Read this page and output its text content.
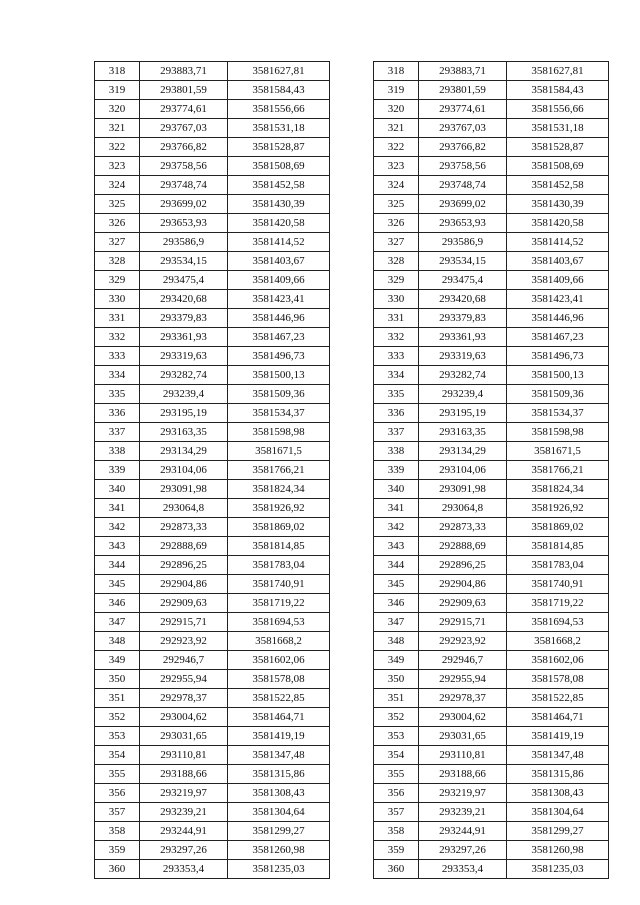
318	293883,71	3581627,81
319	293801,59	3581584,43
320	293774,61	3581556,66
321	293767,03	3581531,18
322	293766,82	3581528,87
323	293758,56	3581508,69
324	293748,74	3581452,58
325	293699,02	3581430,39
326	293653,93	3581420,58
327	293586,9	3581414,52
328	293534,15	3581403,67
329	293475,4	3581409,66
330	293420,68	3581423,41
331	293379,83	3581446,96
332	293361,93	3581467,23
333	293319,63	3581496,73
334	293282,74	3581500,13
335	293239,4	3581509,36
336	293195,19	3581534,37
337	293163,35	3581598,98
338	293134,29	3581671,5
339	293104,06	3581766,21
340	293091,98	3581824,34
341	293064,8	3581926,92
342	292873,33	3581869,02
343	292888,69	3581814,85
344	292896,25	3581783,04
345	292904,86	3581740,91
346	292909,63	3581719,22
347	292915,71	3581694,53
348	292923,92	3581668,2
349	292946,7	3581602,06
350	292955,94	3581578,08
351	292978,37	3581522,85
352	293004,62	3581464,71
353	293031,65	3581419,19
354	293110,81	3581347,48
355	293188,66	3581315,86
356	293219,97	3581308,43
357	293239,21	3581304,64
358	293244,91	3581299,27
359	293297,26	3581260,98
360	293353,4	3581235,03
318	293883,71	3581627,81
319	293801,59	3581584,43
320	293774,61	3581556,66
321	293767,03	3581531,18
322	293766,82	3581528,87
323	293758,56	3581508,69
324	293748,74	3581452,58
325	293699,02	3581430,39
326	293653,93	3581420,58
327	293586,9	3581414,52
328	293534,15	3581403,67
329	293475,4	3581409,66
330	293420,68	3581423,41
331	293379,83	3581446,96
332	293361,93	3581467,23
333	293319,63	3581496,73
334	293282,74	3581500,13
335	293239,4	3581509,36
336	293195,19	3581534,37
337	293163,35	3581598,98
338	293134,29	3581671,5
339	293104,06	3581766,21
340	293091,98	3581824,34
341	293064,8	3581926,92
342	292873,33	3581869,02
343	292888,69	3581814,85
344	292896,25	3581783,04
345	292904,86	3581740,91
346	292909,63	3581719,22
347	292915,71	3581694,53
348	292923,92	3581668,2
349	292946,7	3581602,06
350	292955,94	3581578,08
351	292978,37	3581522,85
352	293004,62	3581464,71
353	293031,65	3581419,19
354	293110,81	3581347,48
355	293188,66	3581315,86
356	293219,97	3581308,43
357	293239,21	3581304,64
358	293244,91	3581299,27
359	293297,26	3581260,98
360	293353,4	3581235,03
